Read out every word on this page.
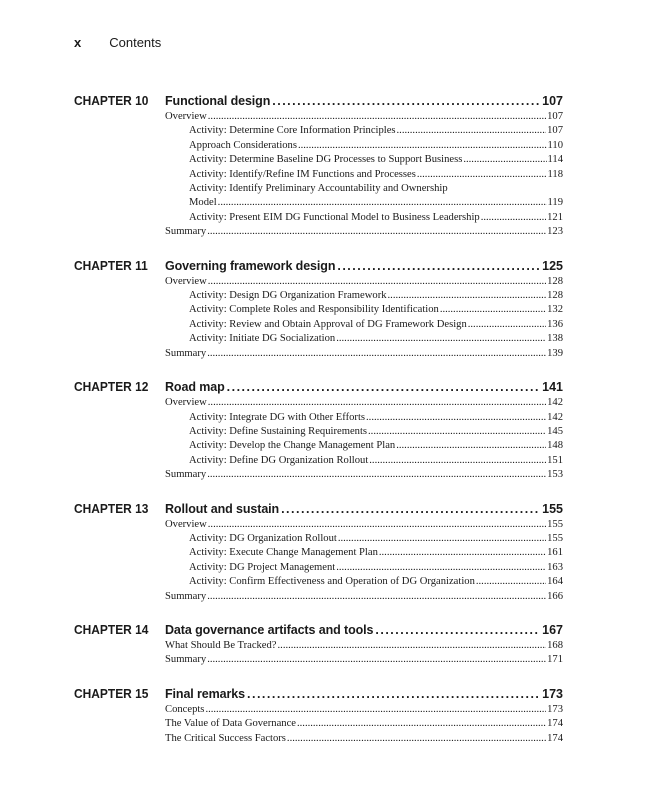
x Contents
CHAPTER 10 Functional design .....	107
Overview .....	107
Activity: Determine Core Information Principles .....	107
Approach Considerations .....	110
Activity: Determine Baseline DG Processes to Support Business .....	114
Activity: Identify/Refine IM Functions and Processes .....	118
Activity: Identify Preliminary Accountability and Ownership
Model .....	119
Activity: Present EIM DG Functional Model to Business Leadership .....	121
Summary .....	123
CHAPTER 11 Governing framework design .....	125
Overview .....	128
Activity: Design DG Organization Framework .....	128
Activity: Complete Roles and Responsibility Identification .....	132
Activity: Review and Obtain Approval of DG Framework Design .....	136
Activity: Initiate DG Socialization .....	138
Summary .....	139
CHAPTER 12 Road map .....	141
Overview .....	142
Activity: Integrate DG with Other Efforts .....	142
Activity: Define Sustaining Requirements .....	145
Activity: Develop the Change Management Plan .....	148
Activity: Define DG Organization Rollout .....	151
Summary .....	153
CHAPTER 13 Rollout and sustain .....	155
Overview .....	155
Activity: DG Organization Rollout .....	155
Activity: Execute Change Management Plan .....	161
Activity: DG Project Management .....	163
Activity: Confirm Effectiveness and Operation of DG Organization .....	164
Summary .....	166
CHAPTER 14 Data governance artifacts and tools .....	167
What Should Be Tracked? .....	168
Summary .....	171
CHAPTER 15 Final remarks .....	173
Concepts .....	173
The Value of Data Governance .....	174
The Critical Success Factors .....	174
